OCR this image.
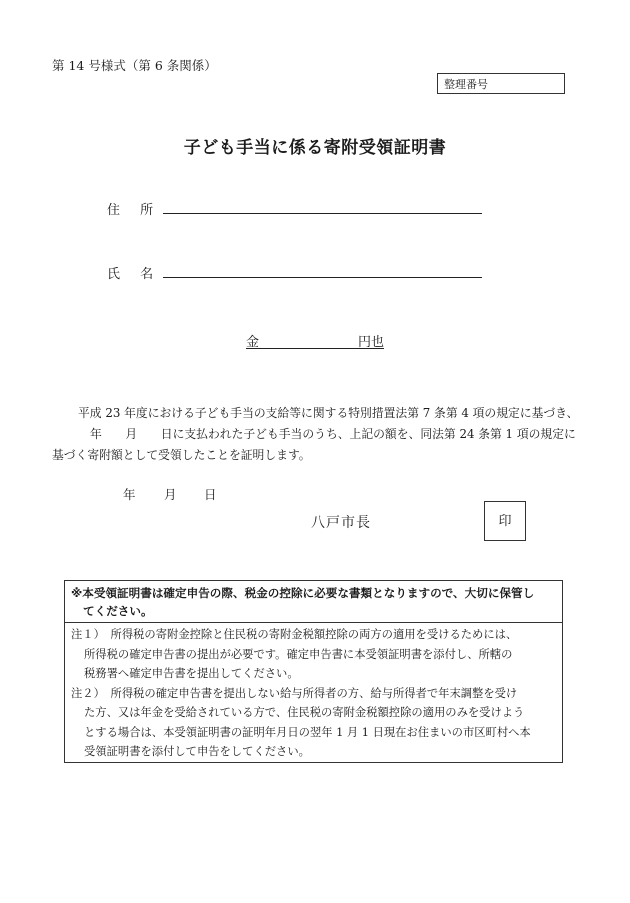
第 14 号様式（第 6 条関係）
整理番号
子ども手当に係る寄附受領証明書
住 所
氏 名
金	円也

平成 23 年度における子ども手当の支給等に関する特別措置法第 7 条第 4 項の規定に基づき、
年　　月　　日に支払われた子ども手当のうち、上記の額を、同法第 24 条第 1 項の規定に
基づく寄附額として受領したことを証明します。
年 月 日
八戸市長	印
※本受領証明書は確定申告の際、税金の控除に必要な書類となりますので、大切に保管し
てください。
注１）　所得税の寄附金控除と住民税の寄附金税額控除の両方の適用を受けるためには、
所得税の確定申告書の提出が必要です。確定申告書に本受領証明書を添付し、所轄の
税務署へ確定申告書を提出してください。
注２）　所得税の確定申告書を提出しない給与所得者の方、給与所得者で年末調整を受け
た方、又は年金を受給されている方で、住民税の寄附金税額控除の適用のみを受けよう
とする場合は、本受領証明書の証明年月日の翌年 1 月 1 日現在お住まいの市区町村へ本
受領証明書を添付して申告をしてください。
